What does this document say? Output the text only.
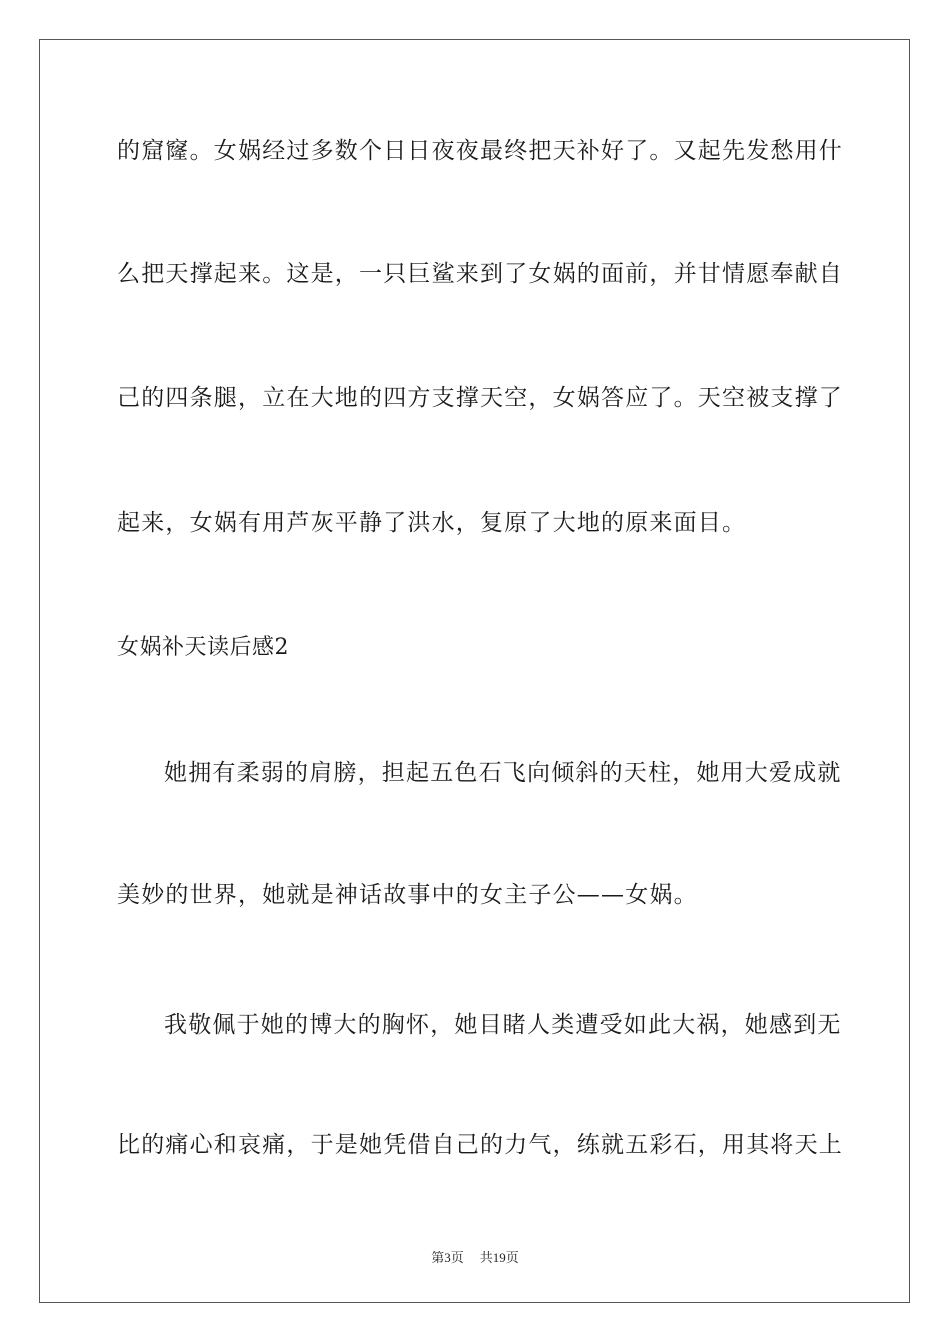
的窟窿。女娲经过多数个日日夜夜最终把天补好了。又起先发愁用什
么把天撑起来。这是，一只巨鲨来到了女娲的面前，并甘情愿奉献自
己的四条腿，立在大地的四方支撑天空，女娲答应了。天空被支撑了
起来，女娲有用芦灰平静了洪水，复原了大地的原来面目。
女娲补天读后感2
她拥有柔弱的肩膀，担起五色石飞向倾斜的天柱，她用大爱成就
美妙的世界，她就是神话故事中的女主子公——女娲。
我敬佩于她的博大的胸怀，她目睹人类遭受如此大祸，她感到无
比的痛心和哀痛，于是她凭借自己的力气，练就五彩石，用其将天上
第3页 共19页
